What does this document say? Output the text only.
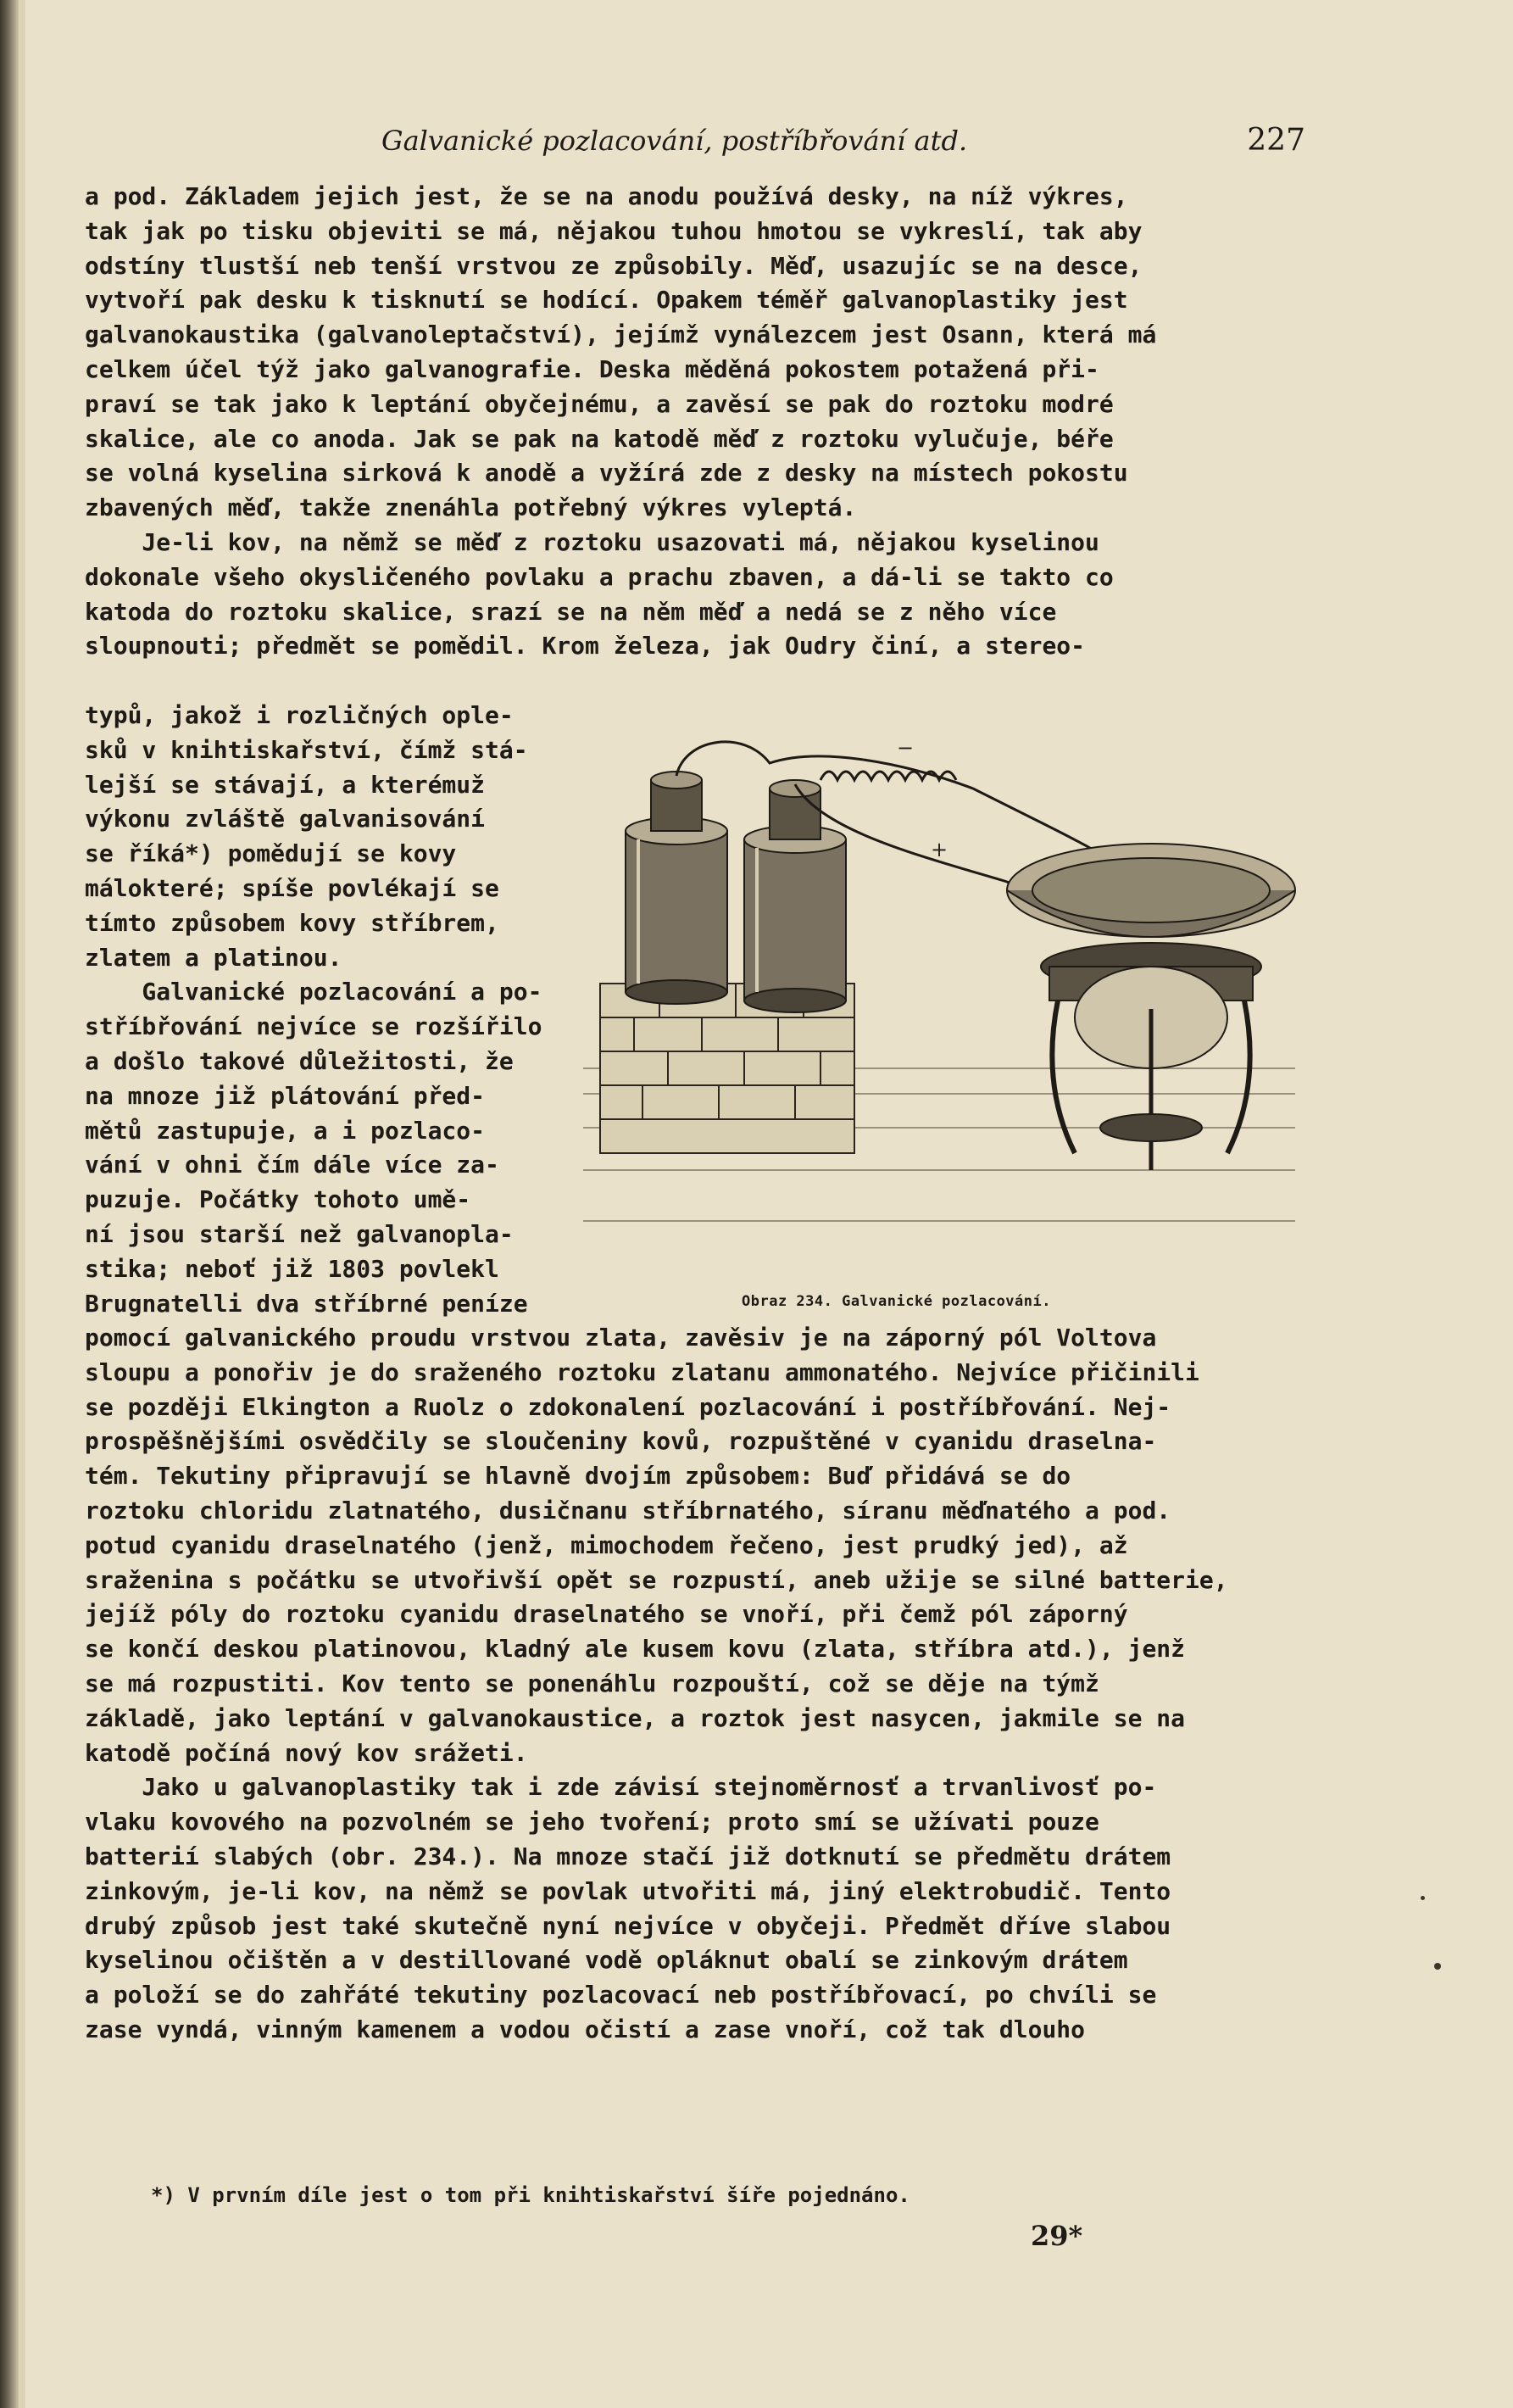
Galvanické pozlacování, postříbřování atd.	227
a pod. Základem jejich jest, že se na anodu používá desky, na níž výkres,
tak jak po tisku objeviti se má, nějakou tuhou hmotou se vykreslí, tak aby
odstíny tlustší neb tenší vrstvou ze způsobily. Měď, usazujíc se na desce,
vytvoří pak desku k tisknutí se hodící. Opakem téměř galvanoplastiky jest
galvanokaustika (galvanoleptačství), jejímž vynálezcem jest Osann, která má
celkem účel týž jako galvanografie. Deska měděná pokostem potažená při-
praví se tak jako k leptání obyčejnému, a zavěsí se pak do roztoku modré
skalice, ale co anoda. Jak se pak na katodě měď z roztoku vylučuje, béře
se volná kyselina sirková k anodě a vyžírá zde z desky na místech pokostu
zbavených měď, takže znenáhla potřebný výkres vyleptá.
Je-li kov, na němž se měď z roztoku usazovati má, nějakou kyselinou
dokonale všeho okysličeného povlaku a prachu zbaven, a dá-li se takto co
katoda do roztoku skalice, srazí se na něm měď a nedá se z něho více
sloupnouti; předmět se pomědil. Krom železa, jak Oudry činí, a stereo-
typů, jakož i rozličných ople-
sků v knihtiskařství, čímž stá-
lejší se stávají, a kterémuž
výkonu zvláště galvanisování
se říká*) pomědují se kovy
málokteré; spíše povlékají se
tímto způsobem kovy stříbrem,
zlatem a platinou.
Galvanické pozlacování a po-
stříbřování nejvíce se rozšířilo
a došlo takové důležitosti, že
na mnoze již plátování před-
mětů zastupuje, a i pozlaco-
vání v ohni čím dále více za-
puzuje. Počátky tohoto umě-
ní jsou starší než galvanopla-
stika; neboť již 1803 povlekl
Brugnatelli dva stříbrné peníze
pomocí galvanického proudu vrstvou zlata, zavěsiv je na záporný pól Voltova
sloupu a ponořiv je do sraženého roztoku zlatanu ammonatého. Nejvíce přičinili
se později Elkington a Ruolz o zdokonalení pozlacování i postříbřování. Nej-
prospěšnějšími osvědčily se sloučeniny kovů, rozpuštěné v cyanidu draselna-
tém. Tekutiny připravují se hlavně dvojím způsobem: Buď přidává se do
roztoku chloridu zlatnatého, dusičnanu stříbrnatého, síranu měďnatého a pod.
potud cyanidu draselnatého (jenž, mimochodem řečeno, jest prudký jed), až
sraženina s počátku se utvořivší opět se rozpustí, aneb užije se silné batterie,
jejíž póly do roztoku cyanidu draselnatého se vnoří, při čemž pól záporný
se končí deskou platinovou, kladný ale kusem kovu (zlata, stříbra atd.), jenž
se má rozpustiti. Kov tento se ponenáhlu rozpouští, což se děje na týmž
základě, jako leptání v galvanokaustice, a roztok jest nasycen, jakmile se na
katodě počíná nový kov srážeti.
Jako u galvanoplastiky tak i zde závisí stejnoměrnosť a trvanlivosť po-
vlaku kovového na pozvolném se jeho tvoření; proto smí se užívati pouze
batterií slabých (obr. 234.). Na mnoze stačí již dotknutí se předmětu drátem
zinkovým, je-li kov, na němž se povlak utvořiti má, jiný elektrobudič. Tento
drubý způsob jest také skutečně nyní nejvíce v obyčeji. Předmět dříve slabou
kyselinou očištěn a v destillované vodě opláknut obalí se zinkovým drátem
a položí se do zahřáté tekutiny pozlacovací neb postříbřovací, po chvíli se
zase vyndá, vinným kamenem a vodou očistí a zase vnoří, což tak dlouho
−
+
Obraz 234. Galvanické pozlacování.
*) V prvním díle jest o tom při knihtiskařství šíře pojednáno.
29*
